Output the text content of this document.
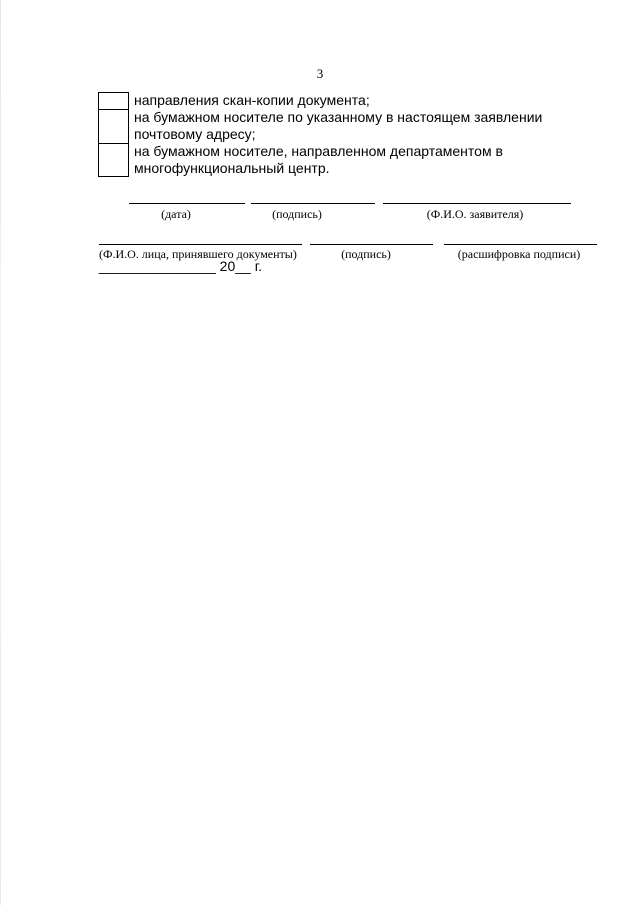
3
направления скан-копии документа;
на бумажном носителе по указанному в настоящем заявлении почтовому адресу;
на бумажном носителе, направленном департаментом в многофункциональный центр.
(дата)	(подпись)	(Ф.И.О. заявителя)
(Ф.И.О. лица, принявшего документы)	(подпись)	(расшифровка подписи)
_______________ 20__ г.
